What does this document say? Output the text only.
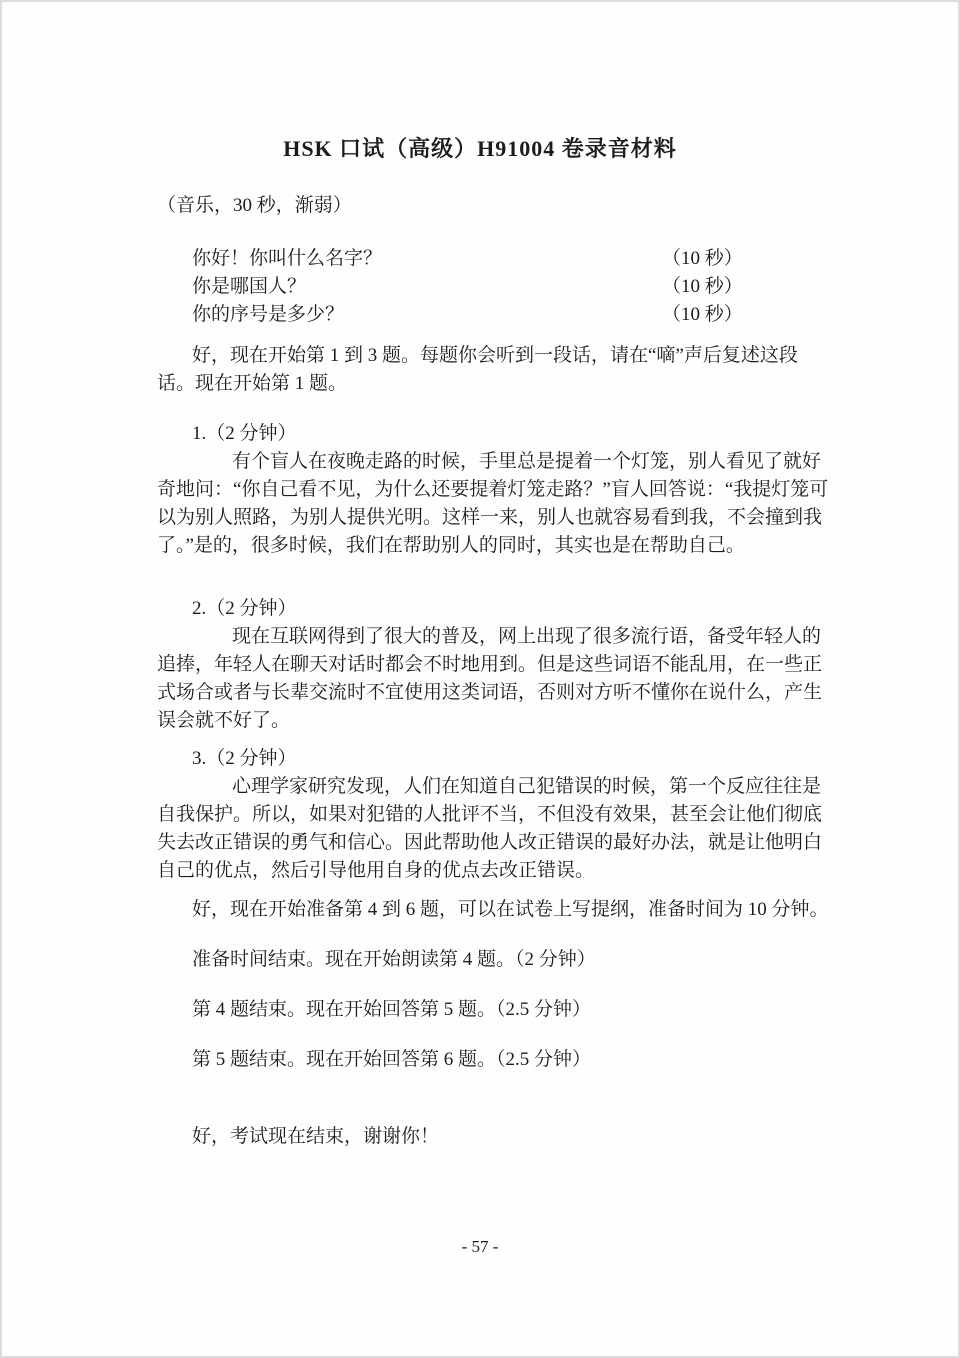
HSK 口试（高级）H91004 卷录音材料

（音乐，30 秒，渐弱）

你好！你叫什么名字？	（10 秒）
你是哪国人？	（10 秒）
你的序号是多少？	（10 秒）

好，现在开始第 1 到 3 题。每题你会听到一段话，请在“嘀”声后复述这段话。现在开始第 1 题。

1.（2 分钟）

有个盲人在夜晚走路的时候，手里总是提着一个灯笼，别人看见了就好奇地问：“你自己看不见，为什么还要提着灯笼走路？”盲人回答说：“我提灯笼可以为别人照路，为别人提供光明。这样一来，别人也就容易看到我，不会撞到我了。”是的，很多时候，我们在帮助别人的同时，其实也是在帮助自己。

2.（2 分钟）

现在互联网得到了很大的普及，网上出现了很多流行语，备受年轻人的追捧，年轻人在聊天对话时都会不时地用到。但是这些词语不能乱用，在一些正式场合或者与长辈交流时不宜使用这类词语，否则对方听不懂你在说什么，产生误会就不好了。

3.（2 分钟）

心理学家研究发现，人们在知道自己犯错误的时候，第一个反应往往是自我保护。所以，如果对犯错的人批评不当，不但没有效果，甚至会让他们彻底失去改正错误的勇气和信心。因此帮助他人改正错误的最好办法，就是让他明白自己的优点，然后引导他用自身的优点去改正错误。

好，现在开始准备第 4 到 6 题，可以在试卷上写提纲，准备时间为 10 分钟。

准备时间结束。现在开始朗读第 4 题。（2 分钟）

第 4 题结束。现在开始回答第 5 题。（2.5 分钟）

第 5 题结束。现在开始回答第 6 题。（2.5 分钟）

好，考试现在结束，谢谢你！

- 57 -
